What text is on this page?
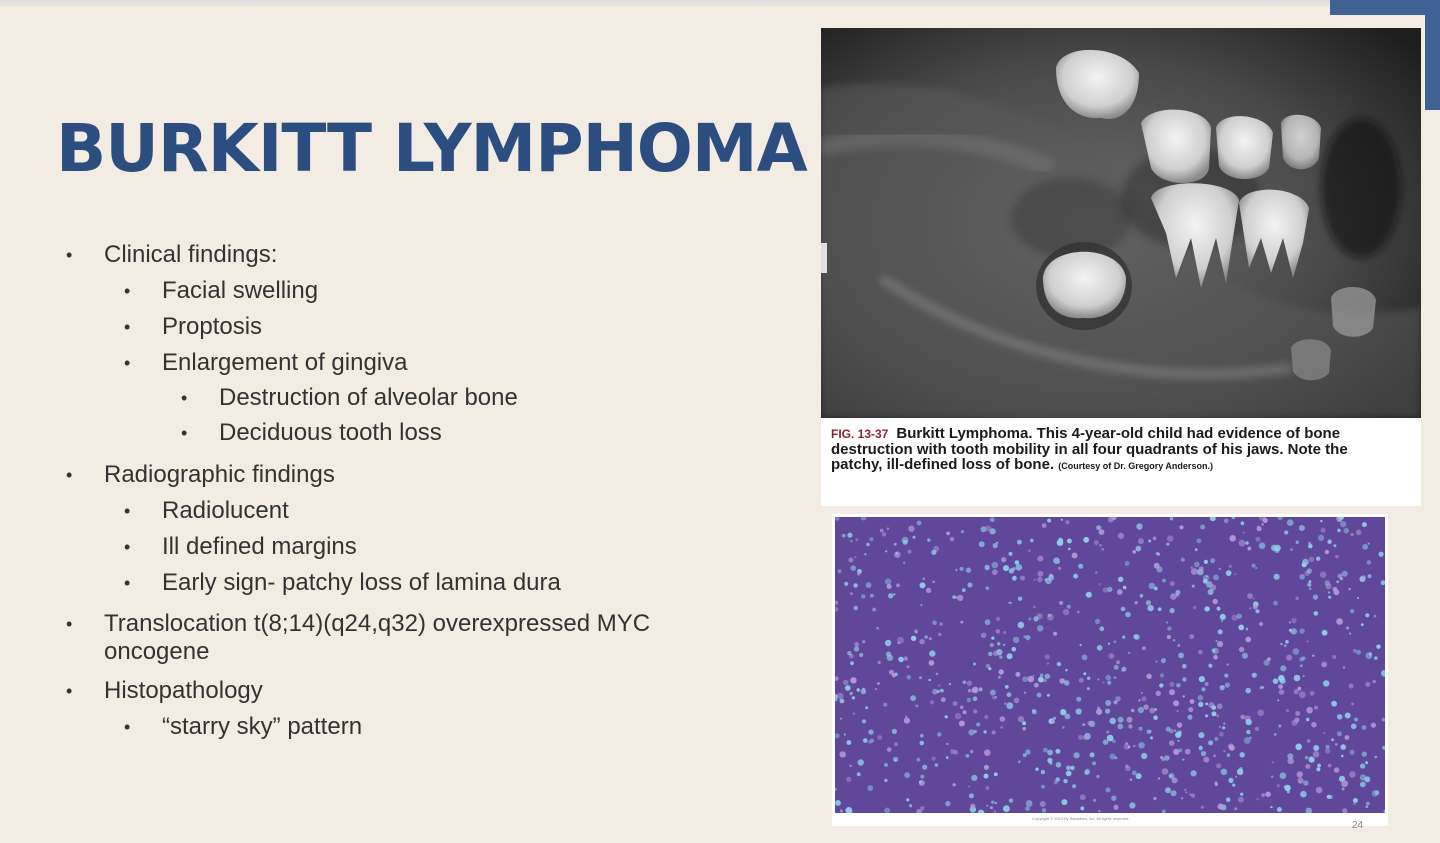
BURKITT LYMPHOMA
• Clinical findings:
• Facial swelling
• Proptosis
• Enlargement of gingiva
• Destruction of alveolar bone
• Deciduous tooth loss
• Radiographic findings
• Radiolucent
• Ill defined margins
• Early sign- patchy loss of lamina dura
• Translocation t(8;14)(q24,q32) overexpressed MYC
oncogene
• Histopathology
• “starry sky” pattern
FIG. 13-37 Burkitt Lymphoma. This 4-year-old child had evidence of bone destruction with tooth mobility in all four quadrants of his jaws. Note the patchy, ill-defined loss of bone. (Courtesy of Dr. Gregory Anderson.)
Copyright © 2014 by Saunders, Inc. All rights reserved.
24
